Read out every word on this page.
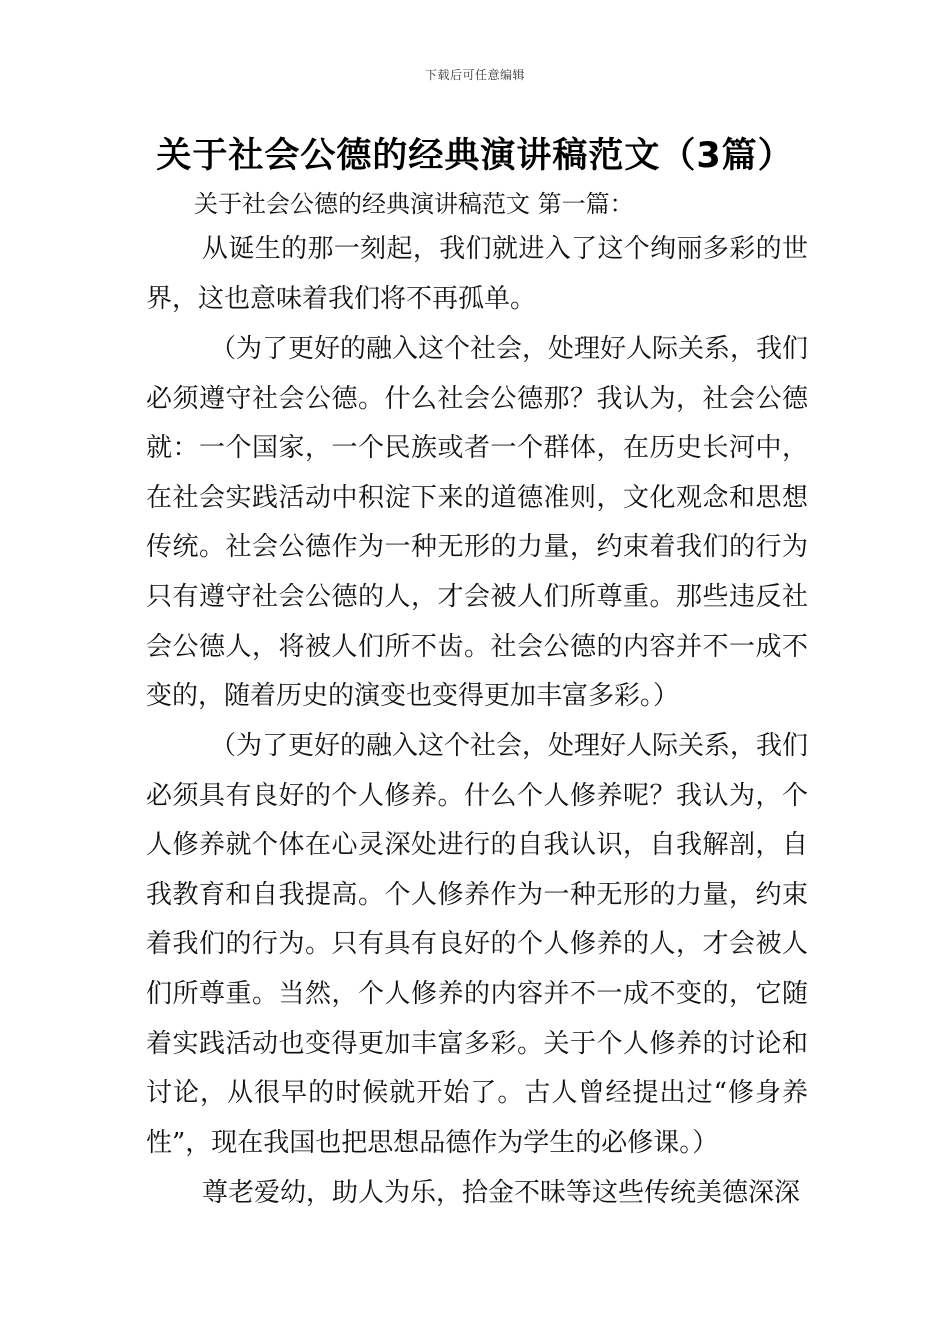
下载后可任意编辑
关于社会公德的经典演讲稿范文（3篇）

关于社会公德的经典演讲稿范文 第一篇：

从诞生的那一刻起，我们就进入了这个绚丽多彩的世界，这也意味着我们将不再孤单。

（为了更好的融入这个社会，处理好人际关系，我们必须遵守社会公德。什么社会公德那？我认为，社会公德就：一个国家，一个民族或者一个群体，在历史长河中，在社会实践活动中积淀下来的道德准则，文化观念和思想传统。社会公德作为一种无形的力量，约束着我们的行为只有遵守社会公德的人，才会被人们所尊重。那些违反社会公德人，将被人们所不齿。社会公德的内容并不一成不变的，随着历史的演变也变得更加丰富多彩。）

（为了更好的融入这个社会，处理好人际关系，我们必须具有良好的个人修养。什么个人修养呢？我认为，个人修养就个体在心灵深处进行的自我认识，自我解剖，自我教育和自我提高。个人修养作为一种无形的力量，约束着我们的行为。只有具有良好的个人修养的人，才会被人们所尊重。当然，个人修养的内容并不一成不变的，它随着实践活动也变得更加丰富多彩。关于个人修养的讨论和讨论，从很早的时候就开始了。古人曾经提出过“修身养性”，现在我国也把思想品德作为学生的必修课。）

尊老爱幼，助人为乐，拾金不昧等这些传统美德深深
